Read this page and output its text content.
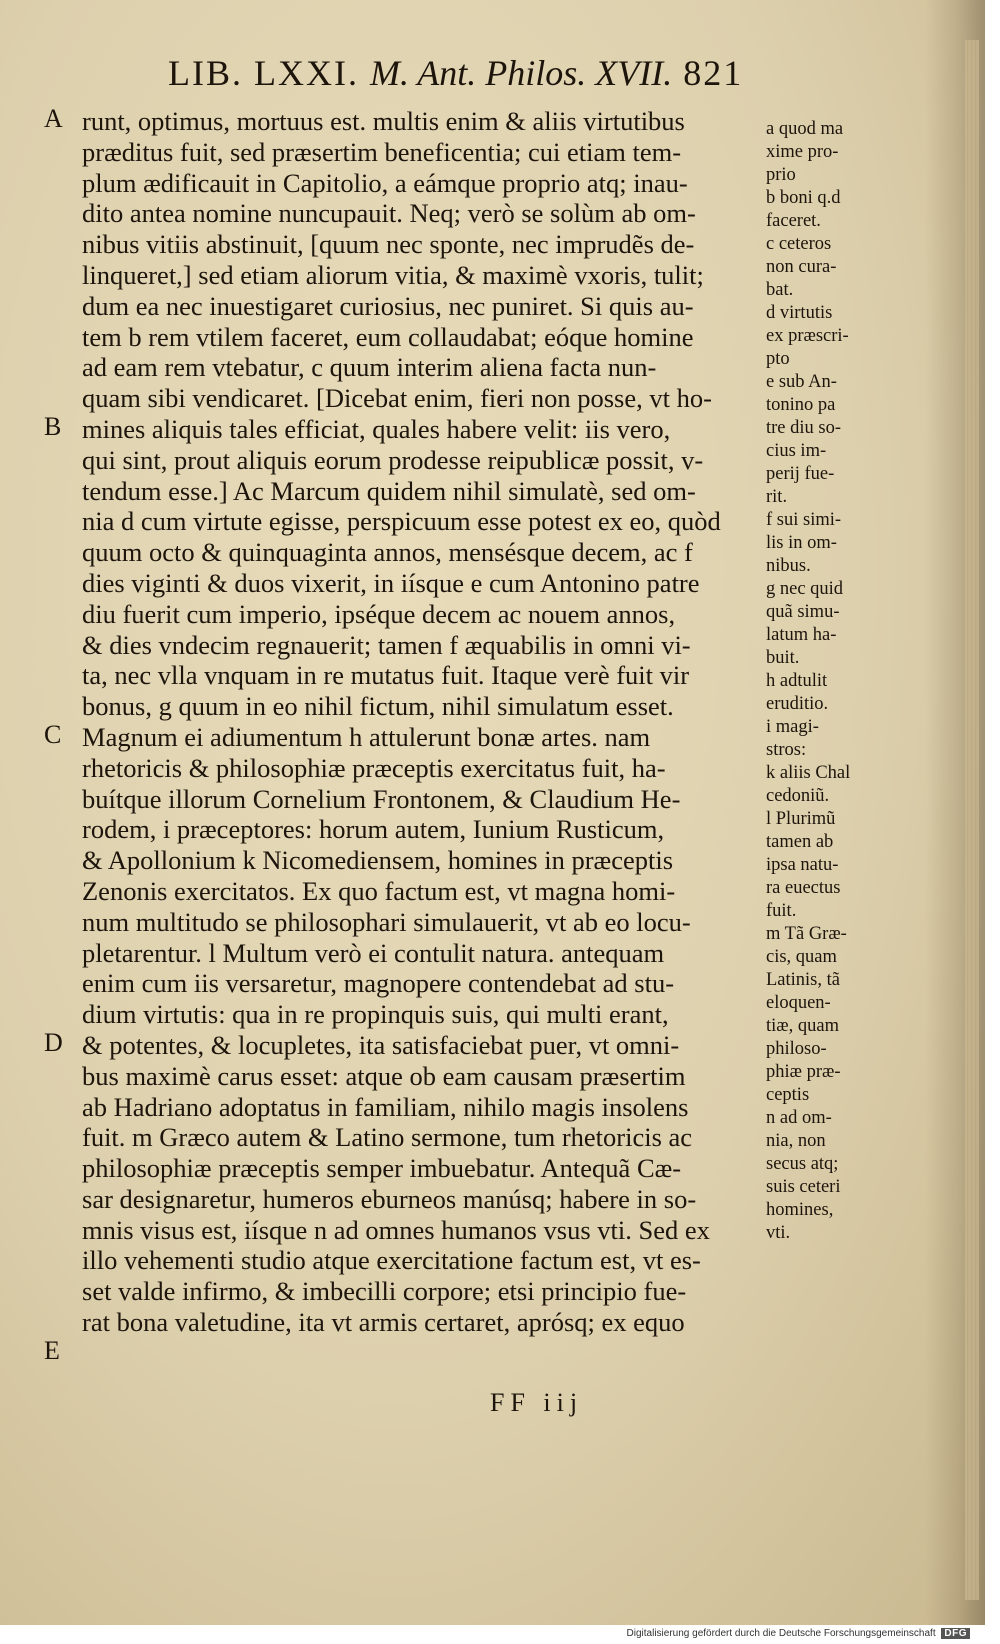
LIB. LXXI. M. Ant. Philos. XVII. 821
A
B
C
D
E
runt, optimus, mortuus est. multis enim & aliis virtutibus
præditus fuit, sed præsertim beneficentia; cui etiam tem-
plum ædificauit in Capitolio, a eámque proprio atq; inau-
dito antea nomine nuncupauit. Neq; verò se solùm ab om-
nibus vitiis abstinuit, [quum nec sponte, nec imprudẽs de-
linqueret,] sed etiam aliorum vitia, & maximè vxoris, tulit;
dum ea nec inuestigaret curiosius, nec puniret. Si quis au-
tem b rem vtilem faceret, eum collaudabat; eóque homine
ad eam rem vtebatur, c quum interim aliena facta nun-
quam sibi vendicaret. [Dicebat enim, fieri non posse, vt ho-
mines aliquis tales efficiat, quales habere velit: iis vero,
qui sint, prout aliquis eorum prodesse reipublicæ possit, v-
tendum esse.] Ac Marcum quidem nihil simulatè, sed om-
nia d cum virtute egisse, perspicuum esse potest ex eo, quòd
quum octo & quinquaginta annos, mensésque decem, ac f
dies viginti & duos vixerit, in iísque e cum Antonino patre
diu fuerit cum imperio, ipséque decem ac nouem annos,
& dies vndecim regnauerit; tamen f æquabilis in omni vi-
ta, nec vlla vnquam in re mutatus fuit. Itaque verè fuit vir
bonus, g quum in eo nihil fictum, nihil simulatum esset.
Magnum ei adiumentum h attulerunt bonæ artes. nam
rhetoricis & philosophiæ præceptis exercitatus fuit, ha-
buítque illorum Cornelium Frontonem, & Claudium He-
rodem, i præceptores: horum autem, Iunium Rusticum,
& Apollonium k Nicomediensem, homines in præceptis
Zenonis exercitatos. Ex quo factum est, vt magna homi-
num multitudo se philosophari simulauerit, vt ab eo locu-
pletarentur. l Multum verò ei contulit natura. antequam
enim cum iis versaretur, magnopere contendebat ad stu-
dium virtutis: qua in re propinquis suis, qui multi erant,
& potentes, & locupletes, ita satisfaciebat puer, vt omni-
bus maximè carus esset: atque ob eam causam præsertim
ab Hadriano adoptatus in familiam, nihilo magis insolens
fuit. m Græco autem & Latino sermone, tum rhetoricis ac
philosophiæ præceptis semper imbuebatur. Antequã Cæ-
sar designaretur, humeros eburneos manúsq; habere in so-
mnis visus est, iísque n ad omnes humanos vsus vti. Sed ex
illo vehementi studio atque exercitatione factum est, vt es-
set valde infirmo, & imbecilli corpore; etsi principio fue-
rat bona valetudine, ita vt armis certaret, aprósq; ex equo
a quod ma
xime pro-
prio
b boni q.d
faceret.
c ceteros
non cura-
bat.
d virtutis
ex præscri-
pto
e sub An-
tonino pa
tre diu so-
cius im-
perij fue-
rit.
f sui simi-
lis in om-
nibus.
g nec quid
quã simu-
latum ha-
buit.
h adtulit
eruditio.
i magi-
stros:
k aliis Chal
cedoniũ.
l Plurimũ
tamen ab
ipsa natu-
ra euectus
fuit.
m Tã Græ-
cis, quam
Latinis, tã
eloquen-
tiæ, quam
philoso-
phiæ præ-
ceptis
n ad om-
nia, non
secus atq;
suis ceteri
homines,
vti.
FF iij
Digitalisierung gefördert durch die Deutsche Forschungsgemeinschaft DFG
